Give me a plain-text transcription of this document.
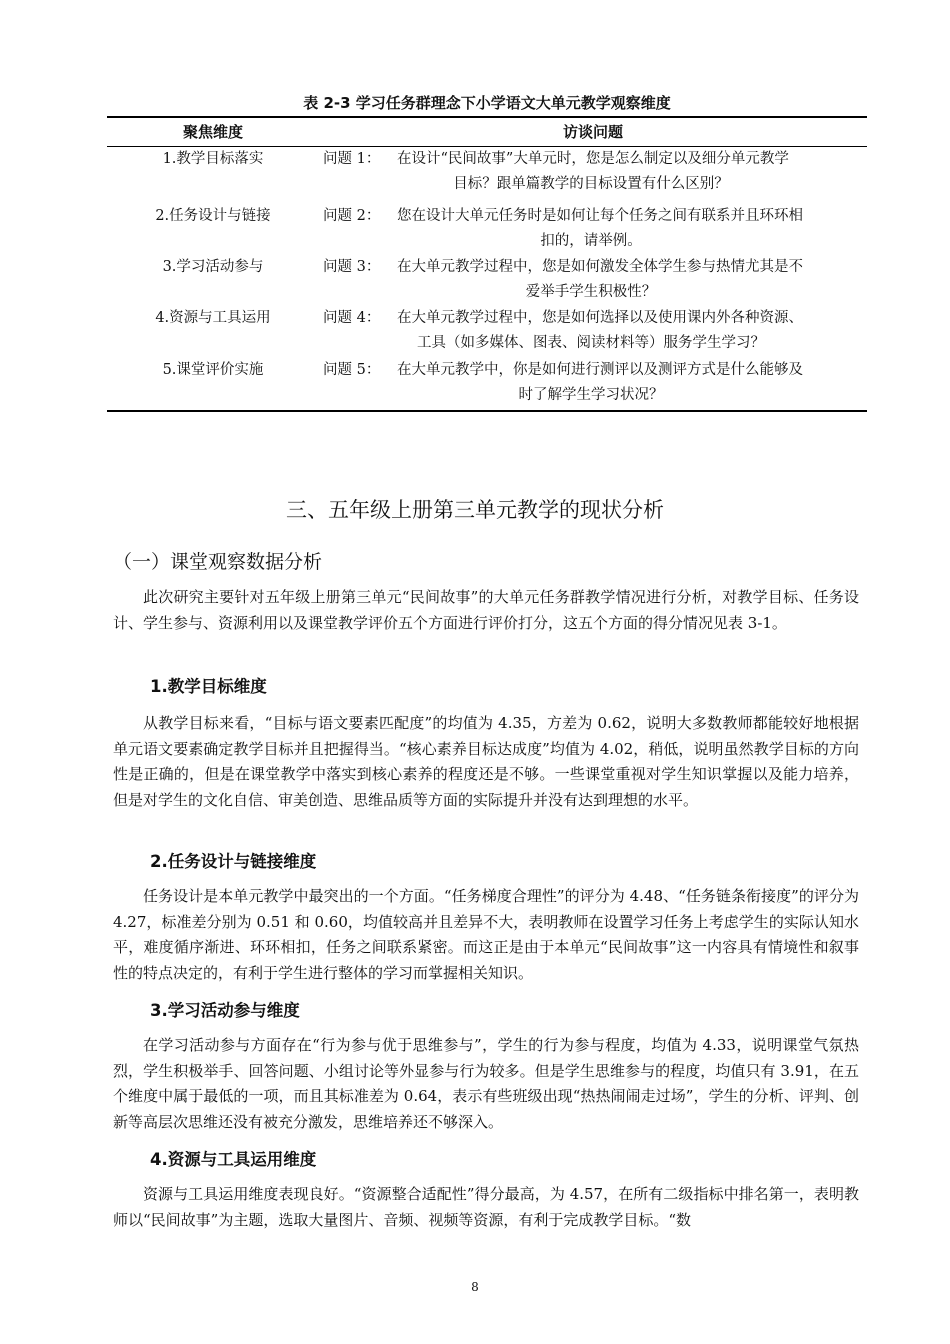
表 2-3 学习任务群理念下小学语文大单元教学观察维度
聚焦维度	访谈问题
1.教学目标落实	问题 1： 在设计“民间故事”大单元时，您是怎么制定以及细分单元教学
目标？跟单篇教学的目标设置有什么区别？

2.任务设计与链接	问题 2： 您在设计大单元任务时是如何让每个任务之间有联系并且环环相
扣的，请举例。

3.学习活动参与	问题 3： 在大单元教学过程中，您是如何激发全体学生参与热情尤其是不
爱举手学生积极性？

4.资源与工具运用	问题 4： 在大单元教学过程中，您是如何选择以及使用课内外各种资源、
工具（如多媒体、图表、阅读材料等）服务学生学习？

5.课堂评价实施	问题 5： 在大单元教学中，你是如何进行测评以及测评方式是什么能够及
时了解学生学习状况？
三、五年级上册第三单元教学的现状分析
（一）课堂观察数据分析

此次研究主要针对五年级上册第三单元“民间故事”的大单元任务群教学情况进行分析，对教学目标、任务设计、学生参与、资源利用以及课堂教学评价五个方面进行评价打分，这五个方面的得分情况见表 3-1。

1.教学目标维度

从教学目标来看，“目标与语文要素匹配度”的均值为 4.35，方差为 0.62，说明大多数教师都能较好地根据单元语文要素确定教学目标并且把握得当。“核心素养目标达成度”均值为 4.02，稍低，说明虽然教学目标的方向性是正确的，但是在课堂教学中落实到核心素养的程度还是不够。一些课堂重视对学生知识掌握以及能力培养，但是对学生的文化自信、审美创造、思维品质等方面的实际提升并没有达到理想的水平。

2.任务设计与链接维度

任务设计是本单元教学中最突出的一个方面。“任务梯度合理性”的评分为 4.48、“任务链条衔接度”的评分为 4.27，标准差分别为 0.51 和 0.60，均值较高并且差异不大，表明教师在设置学习任务上考虑学生的实际认知水平，难度循序渐进、环环相扣，任务之间联系紧密。而这正是由于本单元“民间故事”这一内容具有情境性和叙事性的特点决定的，有利于学生进行整体的学习而掌握相关知识。

3.学习活动参与维度

在学习活动参与方面存在“行为参与优于思维参与”，学生的行为参与程度，均值为 4.33，说明课堂气氛热烈，学生积极举手、回答问题、小组讨论等外显参与行为较多。但是学生思维参与的程度，均值只有 3.91，在五个维度中属于最低的一项，而且其标准差为 0.64，表示有些班级出现“热热闹闹走过场”，学生的分析、评判、创新等高层次思维还没有被充分激发，思维培养还不够深入。

4.资源与工具运用维度

资源与工具运用维度表现良好。“资源整合适配性”得分最高，为 4.57，在所有二级指标中排名第一，表明教师以“民间故事”为主题，选取大量图片、音频、视频等资源，有利于完成教学目标。“数

8
